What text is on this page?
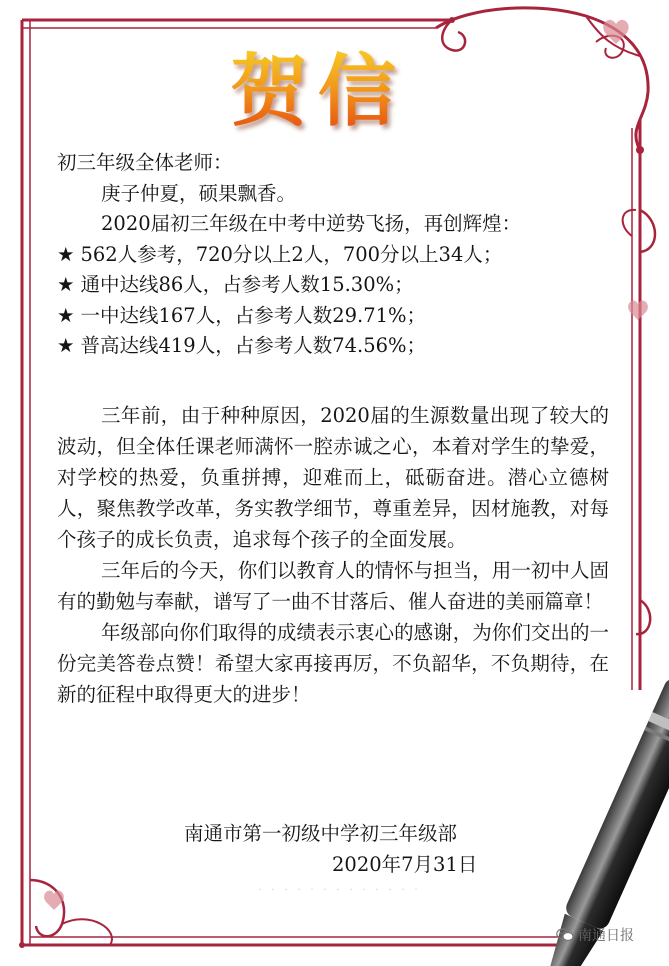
贺信

初三年级全体老师：

庚子仲夏，硕果飘香。

2020届初三年级在中考中逆势飞扬，再创辉煌：

★ 562人参考，720分以上2人，700分以上34人；

★ 通中达线86人，占参考人数15.30%；

★ 一中达线167人，占参考人数29.71%；

★ 普高达线419人，占参考人数74.56%；

三年前，由于种种原因，2020届的生源数量出现了较大的波动，但全体任课老师满怀一腔赤诚之心，本着对学生的挚爱，对学校的热爱，负重拼搏，迎难而上，砥砺奋进。潜心立德树人，聚焦教学改革，务实教学细节，尊重差异，因材施教，对每个孩子的成长负责，追求每个孩子的全面发展。

三年后的今天，你们以教育人的情怀与担当，用一初中人固有的勤勉与奉献，谱写了一曲不甘落后、催人奋进的美丽篇章！

年级部向你们取得的成绩表示衷心的感谢，为你们交出的一份完美答卷点赞！希望大家再接再厉，不负韶华，不负期待，在新的征程中取得更大的进步！

南通市第一初级中学初三年级部

2020年7月31日

· · · · · · · · · · · · ·
南通日报
